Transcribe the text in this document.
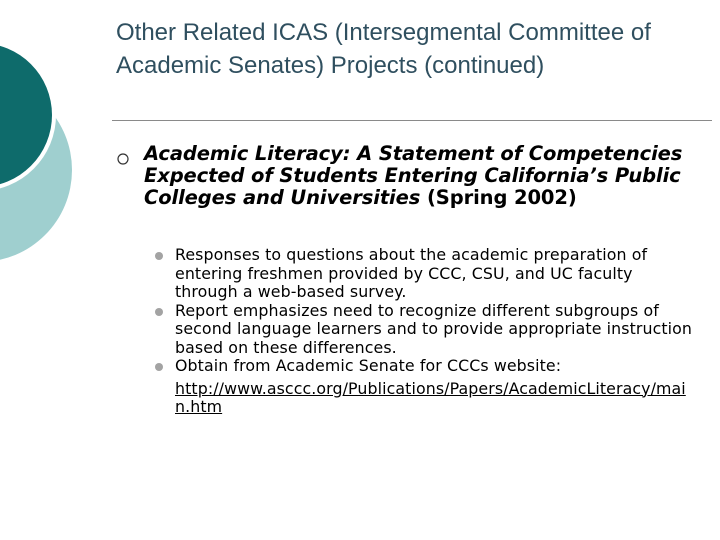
Other Related ICAS (Intersegmental Committee of Academic Senates) Projects (continued)
Academic Literacy: A Statement of Competencies Expected of Students Entering California’s Public Colleges and Universities (Spring 2002)
Responses to questions about the academic preparation of entering freshmen provided by CCC, CSU, and UC faculty through a web-based survey.
Report emphasizes need to recognize different subgroups of second language learners and to provide appropriate instruction based on these differences.
Obtain from Academic Senate for CCCs website:
http://www.asccc.org/Publications/Papers/AcademicLiteracy/main.htm
